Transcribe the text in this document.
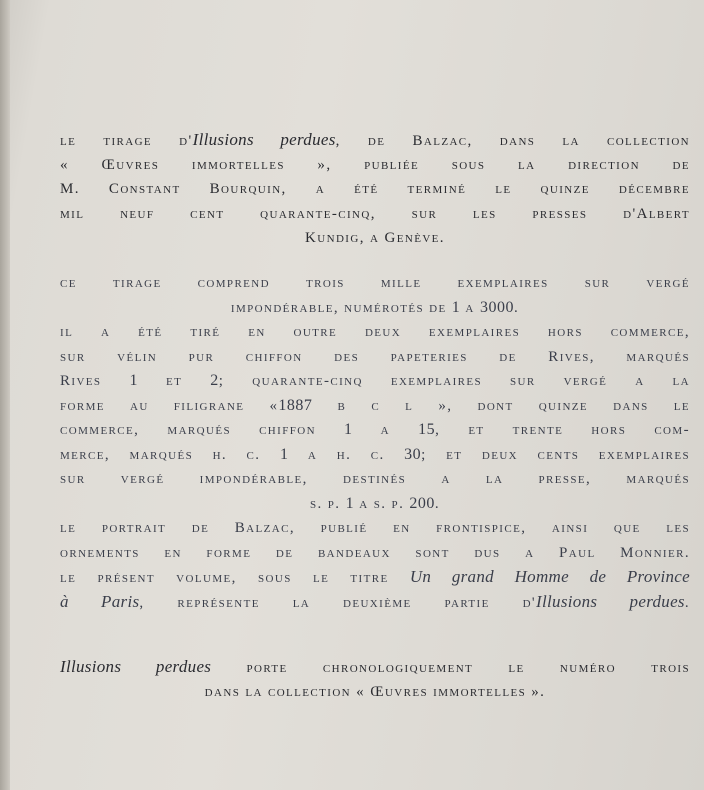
le tirage d'Illusions perdues, de Balzac, dans la collection
« Œuvres immortelles », publiée sous la direction de
M. Constant Bourquin, a été terminé le quinze décembre
mil neuf cent quarante-cinq, sur les presses d'Albert
Kundig, a Genève.
ce tirage comprend trois mille exemplaires sur vergé
impondérable, numérotés de 1 a 3000.
il a été tiré en outre deux exemplaires hors commerce,
sur vélin pur chiffon des papeteries de Rives, marqués
Rives 1 et 2; quarante-cinq exemplaires sur vergé a la
forme au filigrane «1887 b c l », dont quinze dans le
commerce, marqués chiffon 1 a 15, et trente hors com-
merce, marqués h. c. 1 a h. c. 30; et deux cents exemplaires
sur vergé impondérable, destinés a la presse, marqués
s. p. 1 a s. p. 200.
le portrait de Balzac, publié en frontispice, ainsi que les
ornements en forme de bandeaux sont dus a Paul Monnier.
le présent volume, sous le titre Un grand Homme de Province
à Paris, représente la deuxième partie d'Illusions perdues.
Illusions perdues porte chronologiquement le numéro trois
dans la collection « Œuvres immortelles ».
